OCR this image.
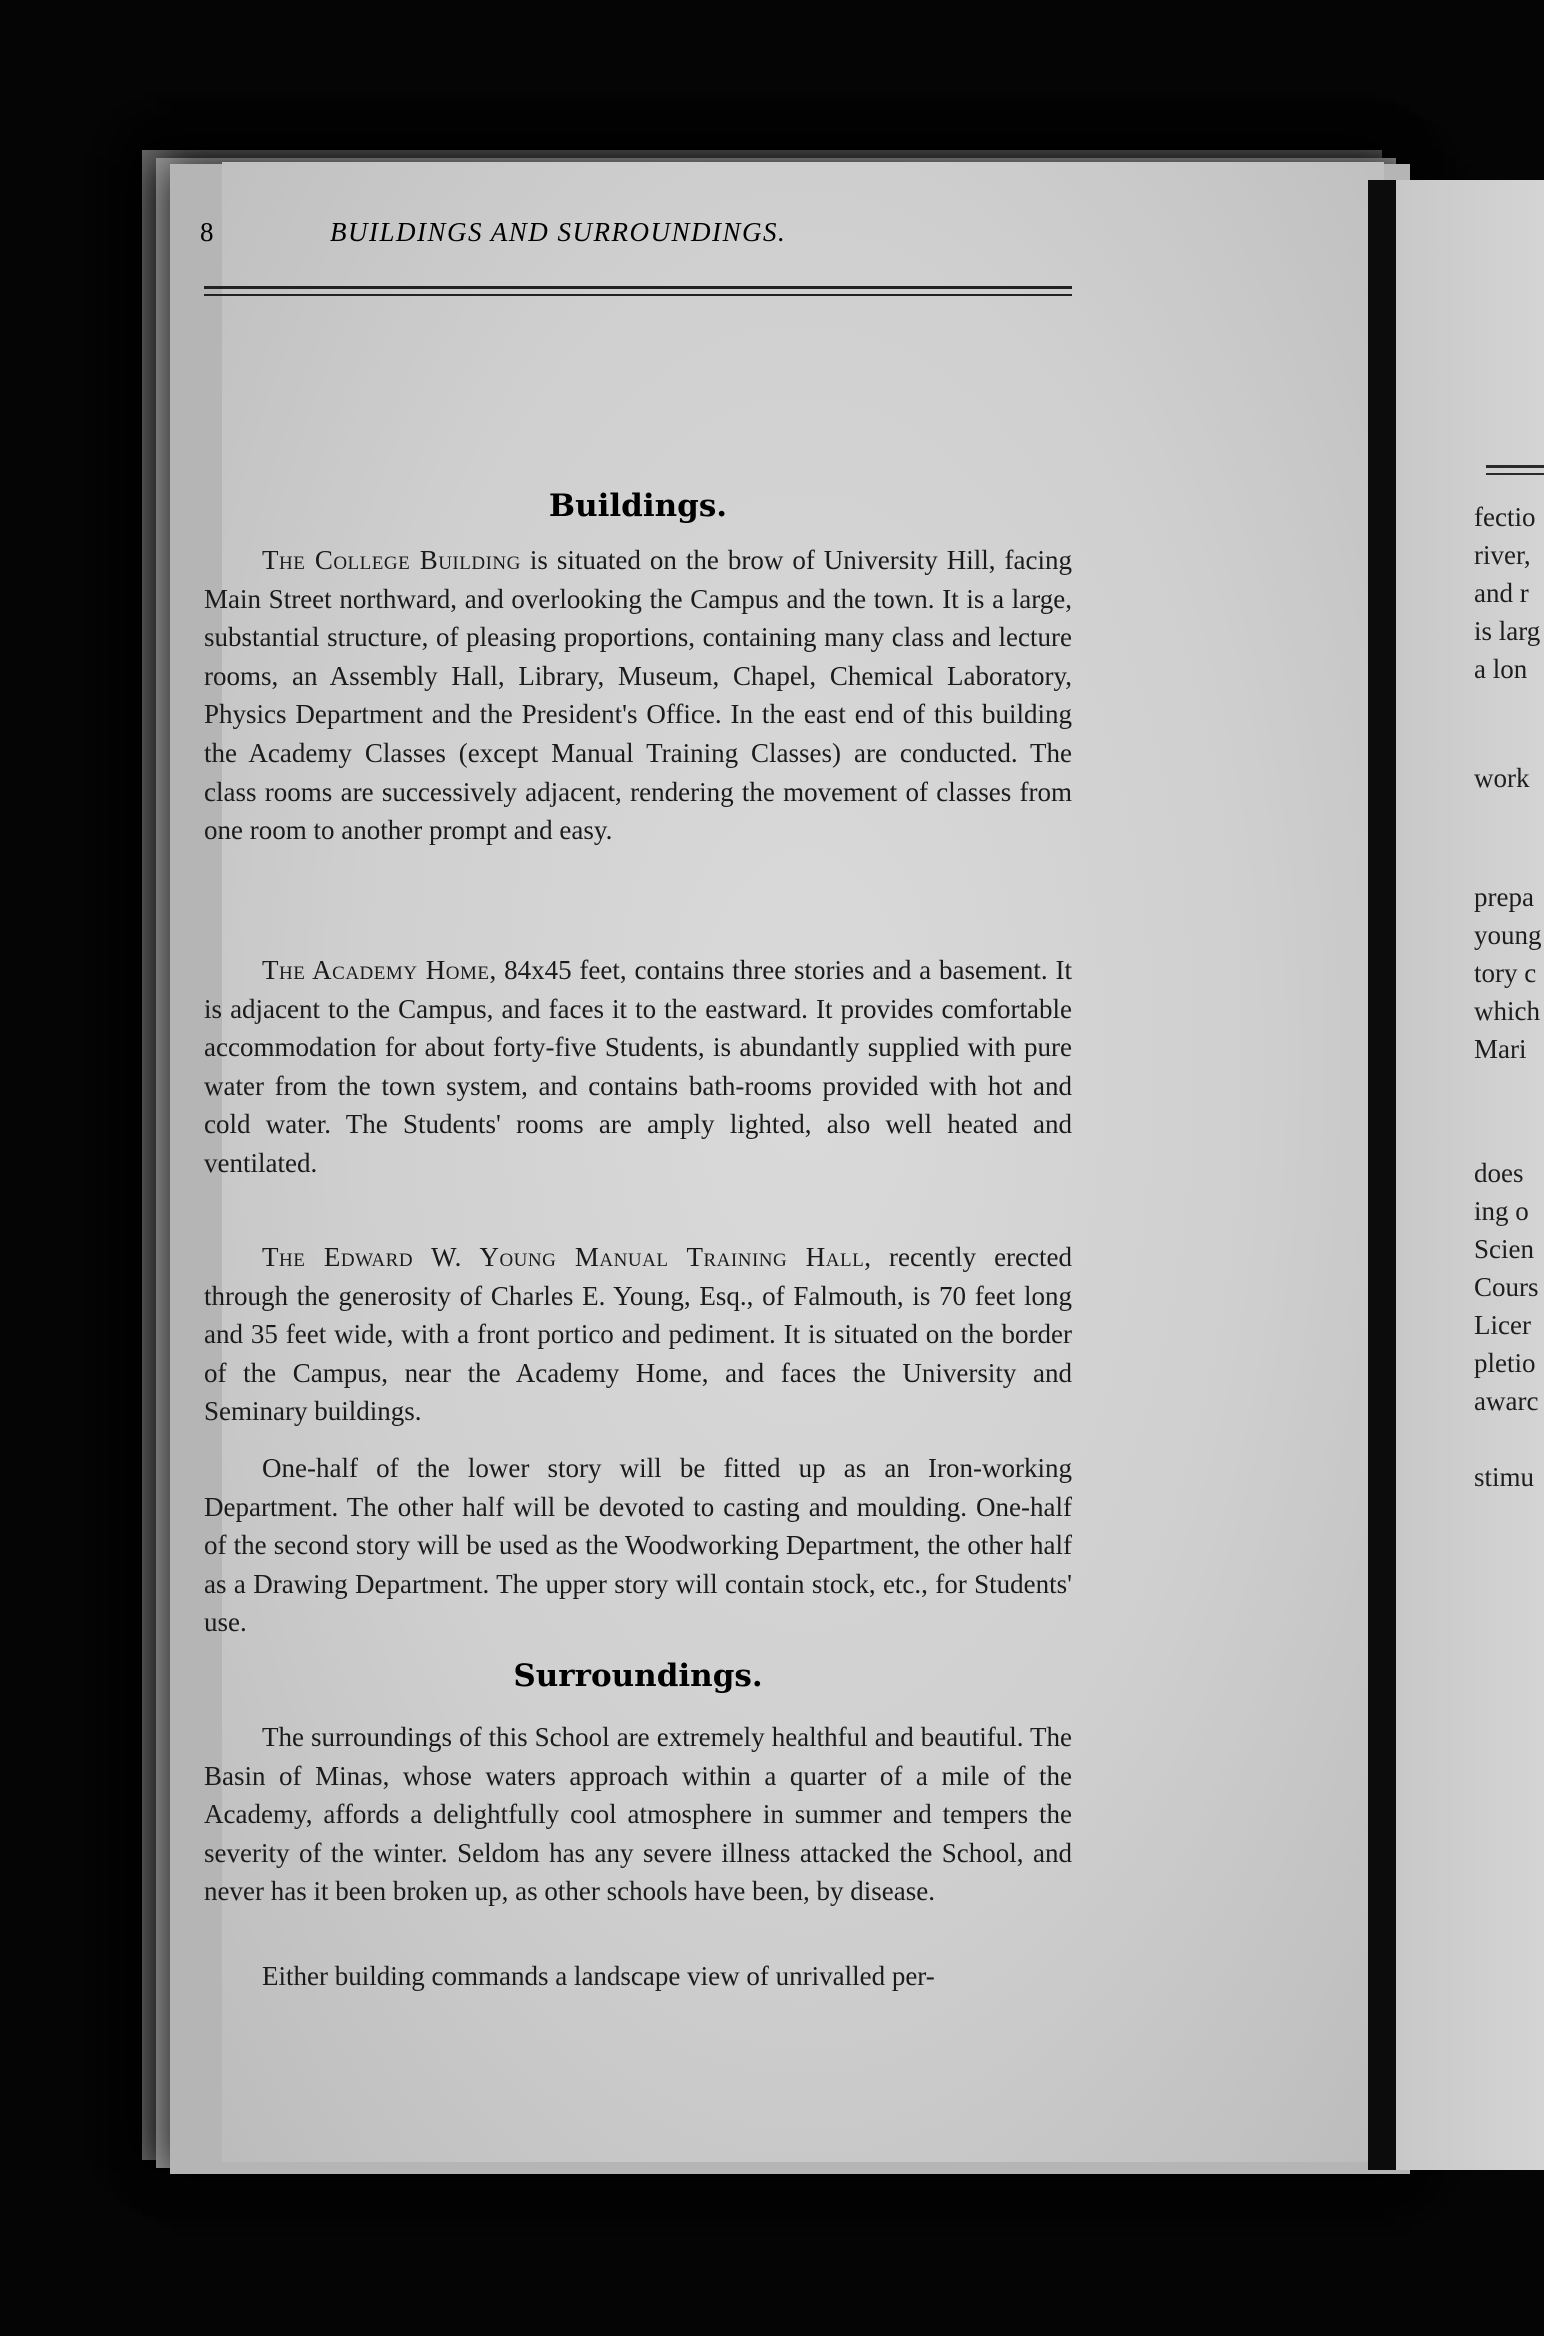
fectio

river,

and r

is larg

a lon

work

prepa

young

tory c

which

Mari

does

ing o

Scien

Cours

Licer

pletio

awarc

stimu

8	BUILDINGS AND SURROUNDINGS.
Buildings.

The College Building is situated on the brow of University Hill, facing Main Street northward, and overlooking the Campus and the town. It is a large, substantial structure, of pleasing proportions, containing many class and lecture rooms, an Assembly Hall, Library, Museum, Chapel, Chemical Laboratory, Physics Department and the President's Office. In the east end of this building the Academy Classes (except Manual Training Classes) are conducted. The class rooms are successively adjacent, rendering the movement of classes from one room to another prompt and easy.

The Academy Home, 84x45 feet, contains three stories and a basement. It is adjacent to the Campus, and faces it to the eastward. It provides comfortable accommodation for about forty-five Students, is abundantly supplied with pure water from the town system, and contains bath-rooms provided with hot and cold water. The Students' rooms are amply lighted, also well heated and ventilated.

The Edward W. Young Manual Training Hall, recently erected through the generosity of Charles E. Young, Esq., of Falmouth, is 70 feet long and 35 feet wide, with a front portico and pediment. It is situated on the border of the Campus, near the Academy Home, and faces the University and Seminary buildings.

One-half of the lower story will be fitted up as an Iron-working Department. The other half will be devoted to casting and moulding. One-half of the second story will be used as the Woodworking Department, the other half as a Drawing Department. The upper story will contain stock, etc., for Students' use.

Surroundings.

The surroundings of this School are extremely healthful and beautiful. The Basin of Minas, whose waters approach within a quarter of a mile of the Academy, affords a delightfully cool atmosphere in summer and tempers the severity of the winter. Seldom has any severe illness attacked the School, and never has it been broken up, as other schools have been, by disease.

Either building commands a landscape view of unrivalled per-
